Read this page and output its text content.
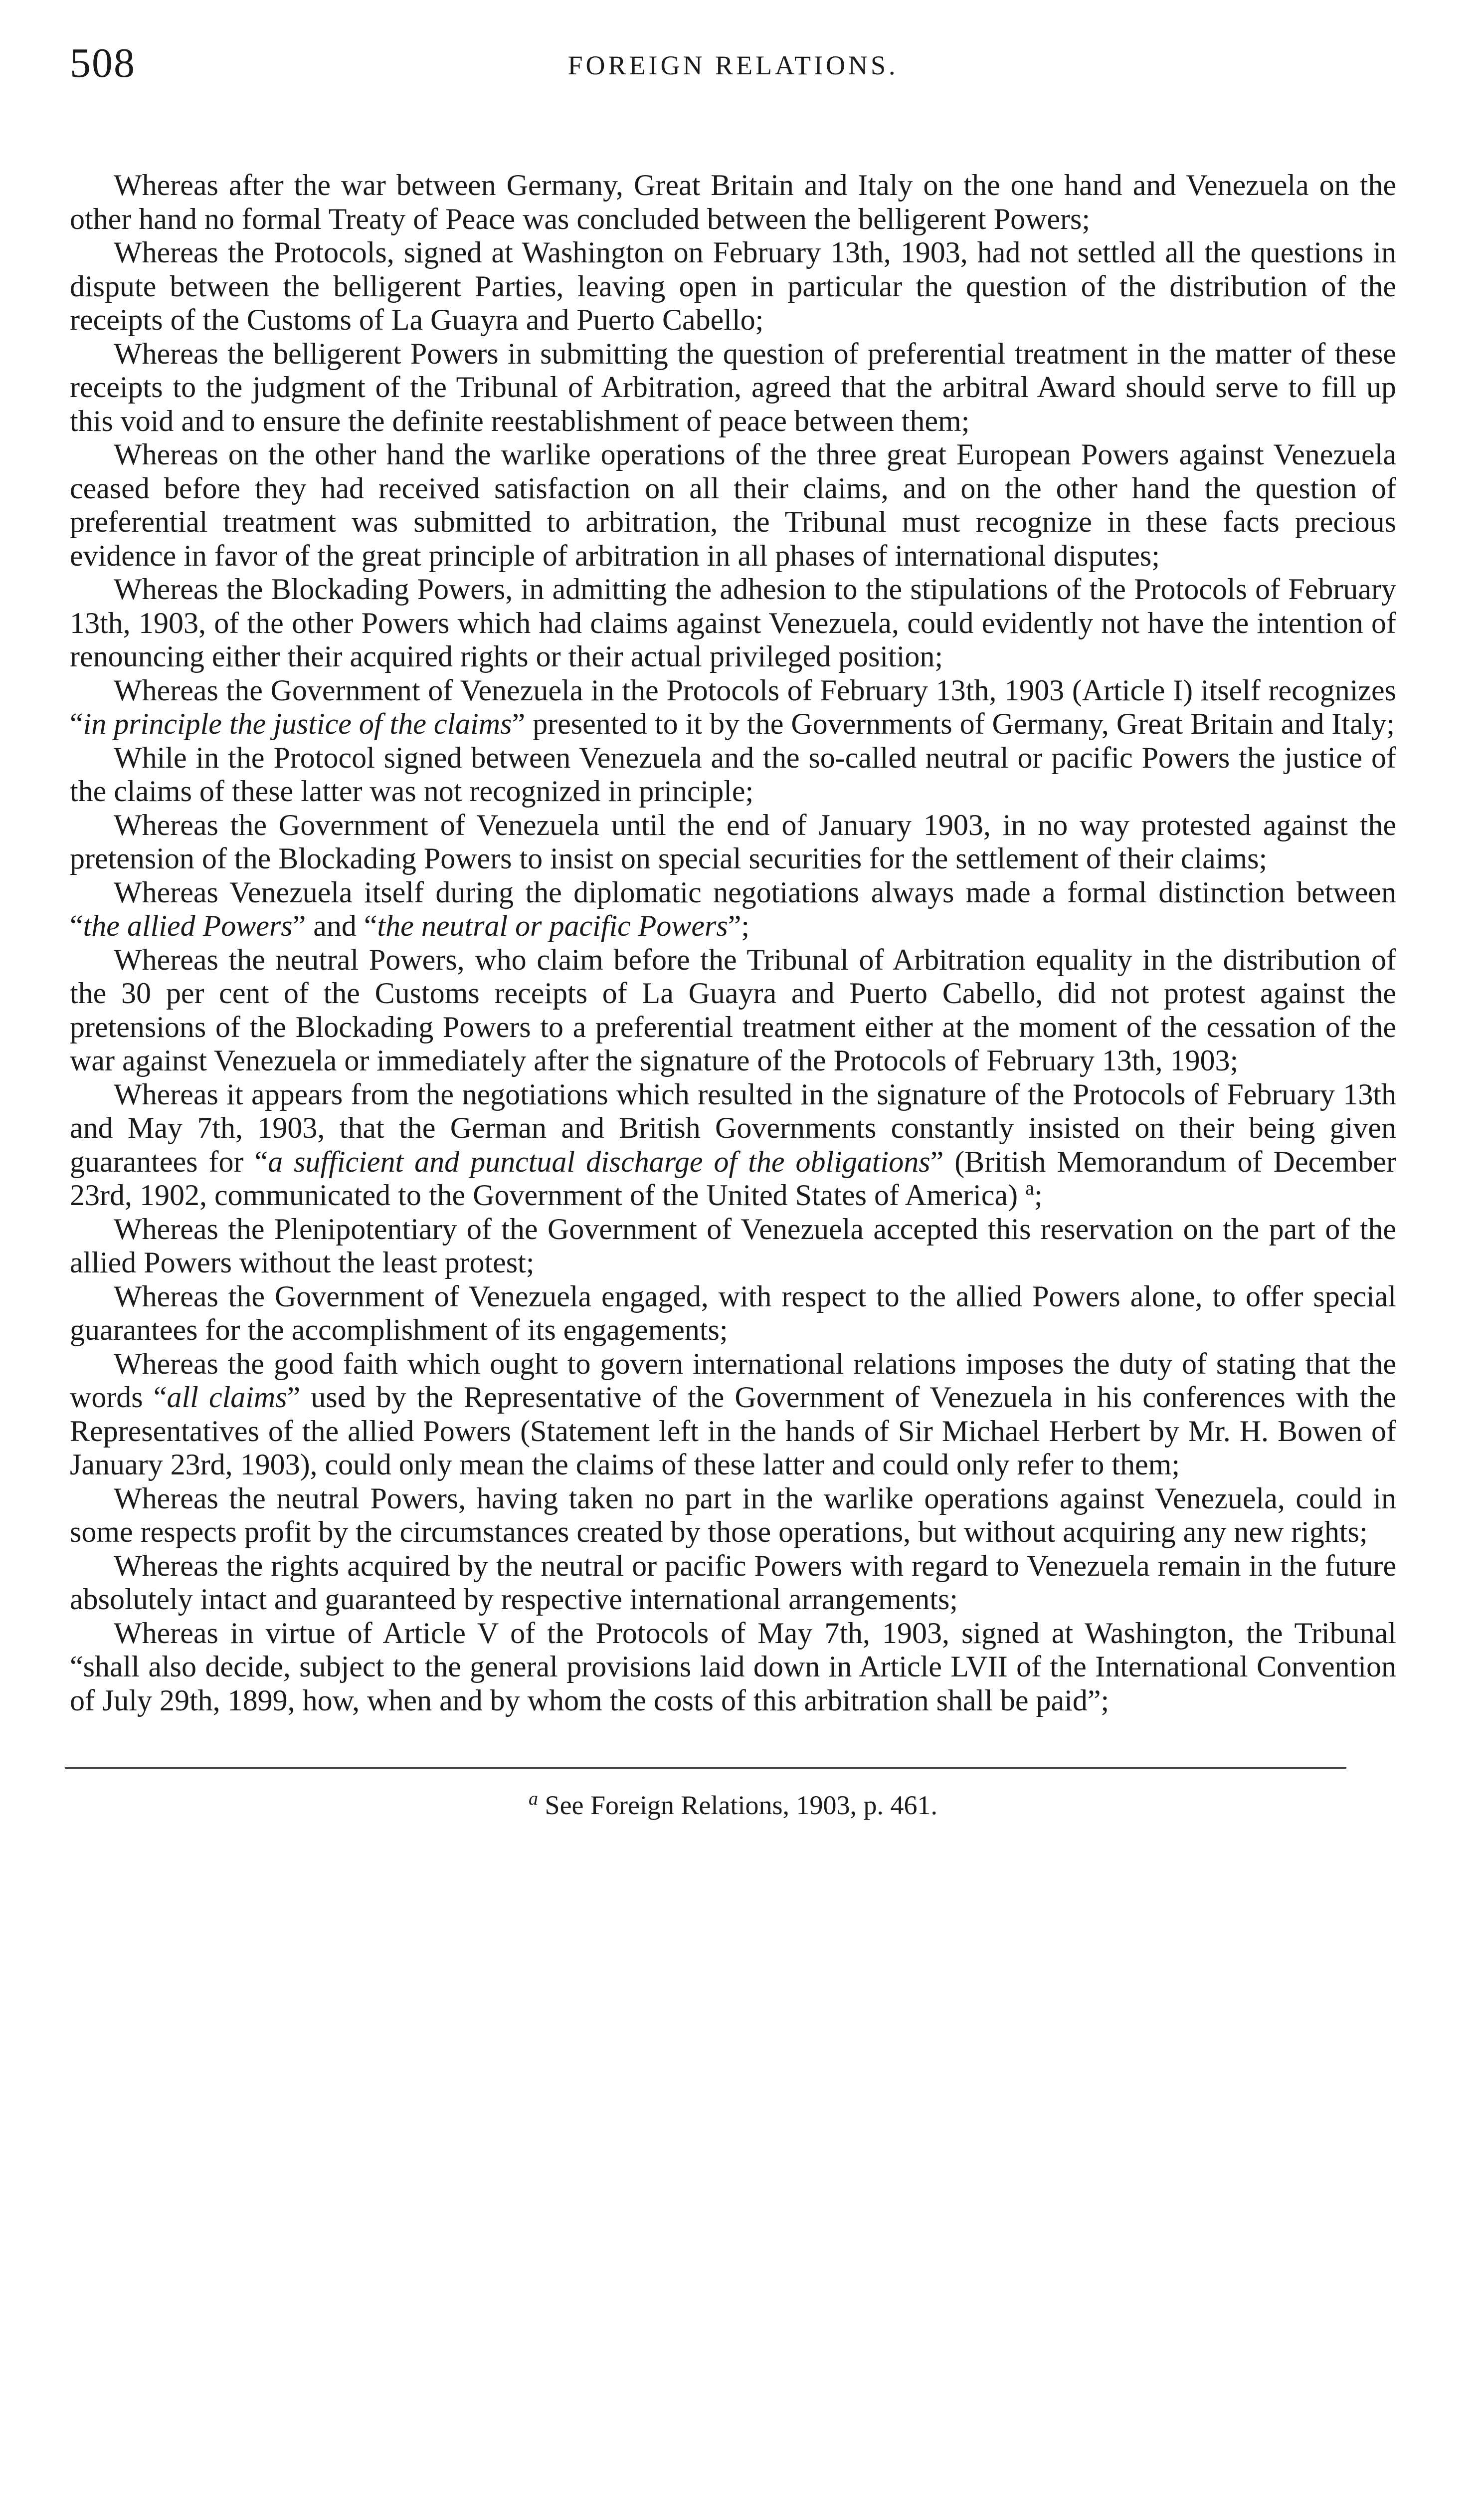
508	FOREIGN RELATIONS.

Whereas after the war between Germany, Great Britain and Italy on the one hand and Venezuela on the other hand no formal Treaty of Peace was concluded between the belligerent Powers;

Whereas the Protocols, signed at Washington on February 13th, 1903, had not settled all the questions in dispute between the belligerent Parties, leaving open in particular the question of the distribution of the receipts of the Customs of La Guayra and Puerto Cabello;

Whereas the belligerent Powers in submitting the question of preferential treatment in the matter of these receipts to the judgment of the Tribunal of Arbitration, agreed that the arbitral Award should serve to fill up this void and to ensure the definite reestablishment of peace between them;

Whereas on the other hand the warlike operations of the three great European Powers against Venezuela ceased before they had received satisfaction on all their claims, and on the other hand the question of preferential treatment was submitted to arbitration, the Tribunal must recognize in these facts precious evidence in favor of the great principle of arbitration in all phases of international disputes;

Whereas the Blockading Powers, in admitting the adhesion to the stipulations of the Protocols of February 13th, 1903, of the other Powers which had claims against Venezuela, could evidently not have the intention of renouncing either their acquired rights or their actual privileged position;

Whereas the Government of Venezuela in the Protocols of February 13th, 1903 (Article I) itself recognizes “in principle the justice of the claims” presented to it by the Governments of Germany, Great Britain and Italy;

While in the Protocol signed between Venezuela and the so-called neutral or pacific Powers the justice of the claims of these latter was not recognized in principle;

Whereas the Government of Venezuela until the end of January 1903, in no way protested against the pretension of the Blockading Powers to insist on special securities for the settlement of their claims;

Whereas Venezuela itself during the diplomatic negotiations always made a formal distinction between “the allied Powers” and “the neutral or pacific Powers”;

Whereas the neutral Powers, who claim before the Tribunal of Arbitration equality in the distribution of the 30 per cent of the Customs receipts of La Guayra and Puerto Cabello, did not protest against the pretensions of the Blockading Powers to a preferential treatment either at the moment of the cessation of the war against Venezuela or immediately after the signature of the Protocols of February 13th, 1903;

Whereas it appears from the negotiations which resulted in the signature of the Protocols of February 13th and May 7th, 1903, that the German and British Governments constantly insisted on their being given guarantees for “a sufficient and punctual discharge of the obligations” (British Memorandum of December 23rd, 1902, communicated to the Government of the United States of America) $^a$;

Whereas the Plenipotentiary of the Government of Venezuela accepted this reservation on the part of the allied Powers without the least protest;

Whereas the Government of Venezuela engaged, with respect to the allied Powers alone, to offer special guarantees for the accomplishment of its engagements;

Whereas the good faith which ought to govern international relations imposes the duty of stating that the words “all claims” used by the Representative of the Government of Venezuela in his conferences with the Representatives of the allied Powers (Statement left in the hands of Sir Michael Herbert by Mr. H. Bowen of January 23rd, 1903), could only mean the claims of these latter and could only refer to them;

Whereas the neutral Powers, having taken no part in the warlike operations against Venezuela, could in some respects profit by the circumstances created by those operations, but without acquiring any new rights;

Whereas the rights acquired by the neutral or pacific Powers with regard to Venezuela remain in the future absolutely intact and guaranteed by respective international arrangements;

Whereas in virtue of Article V of the Protocols of May 7th, 1903, signed at Washington, the Tribunal “shall also decide, subject to the general provisions laid down in Article LVII of the International Convention of July 29th, 1899, how, when and by whom the costs of this arbitration shall be paid”;

$^a$ See Foreign Relations, 1903, p. 461.
